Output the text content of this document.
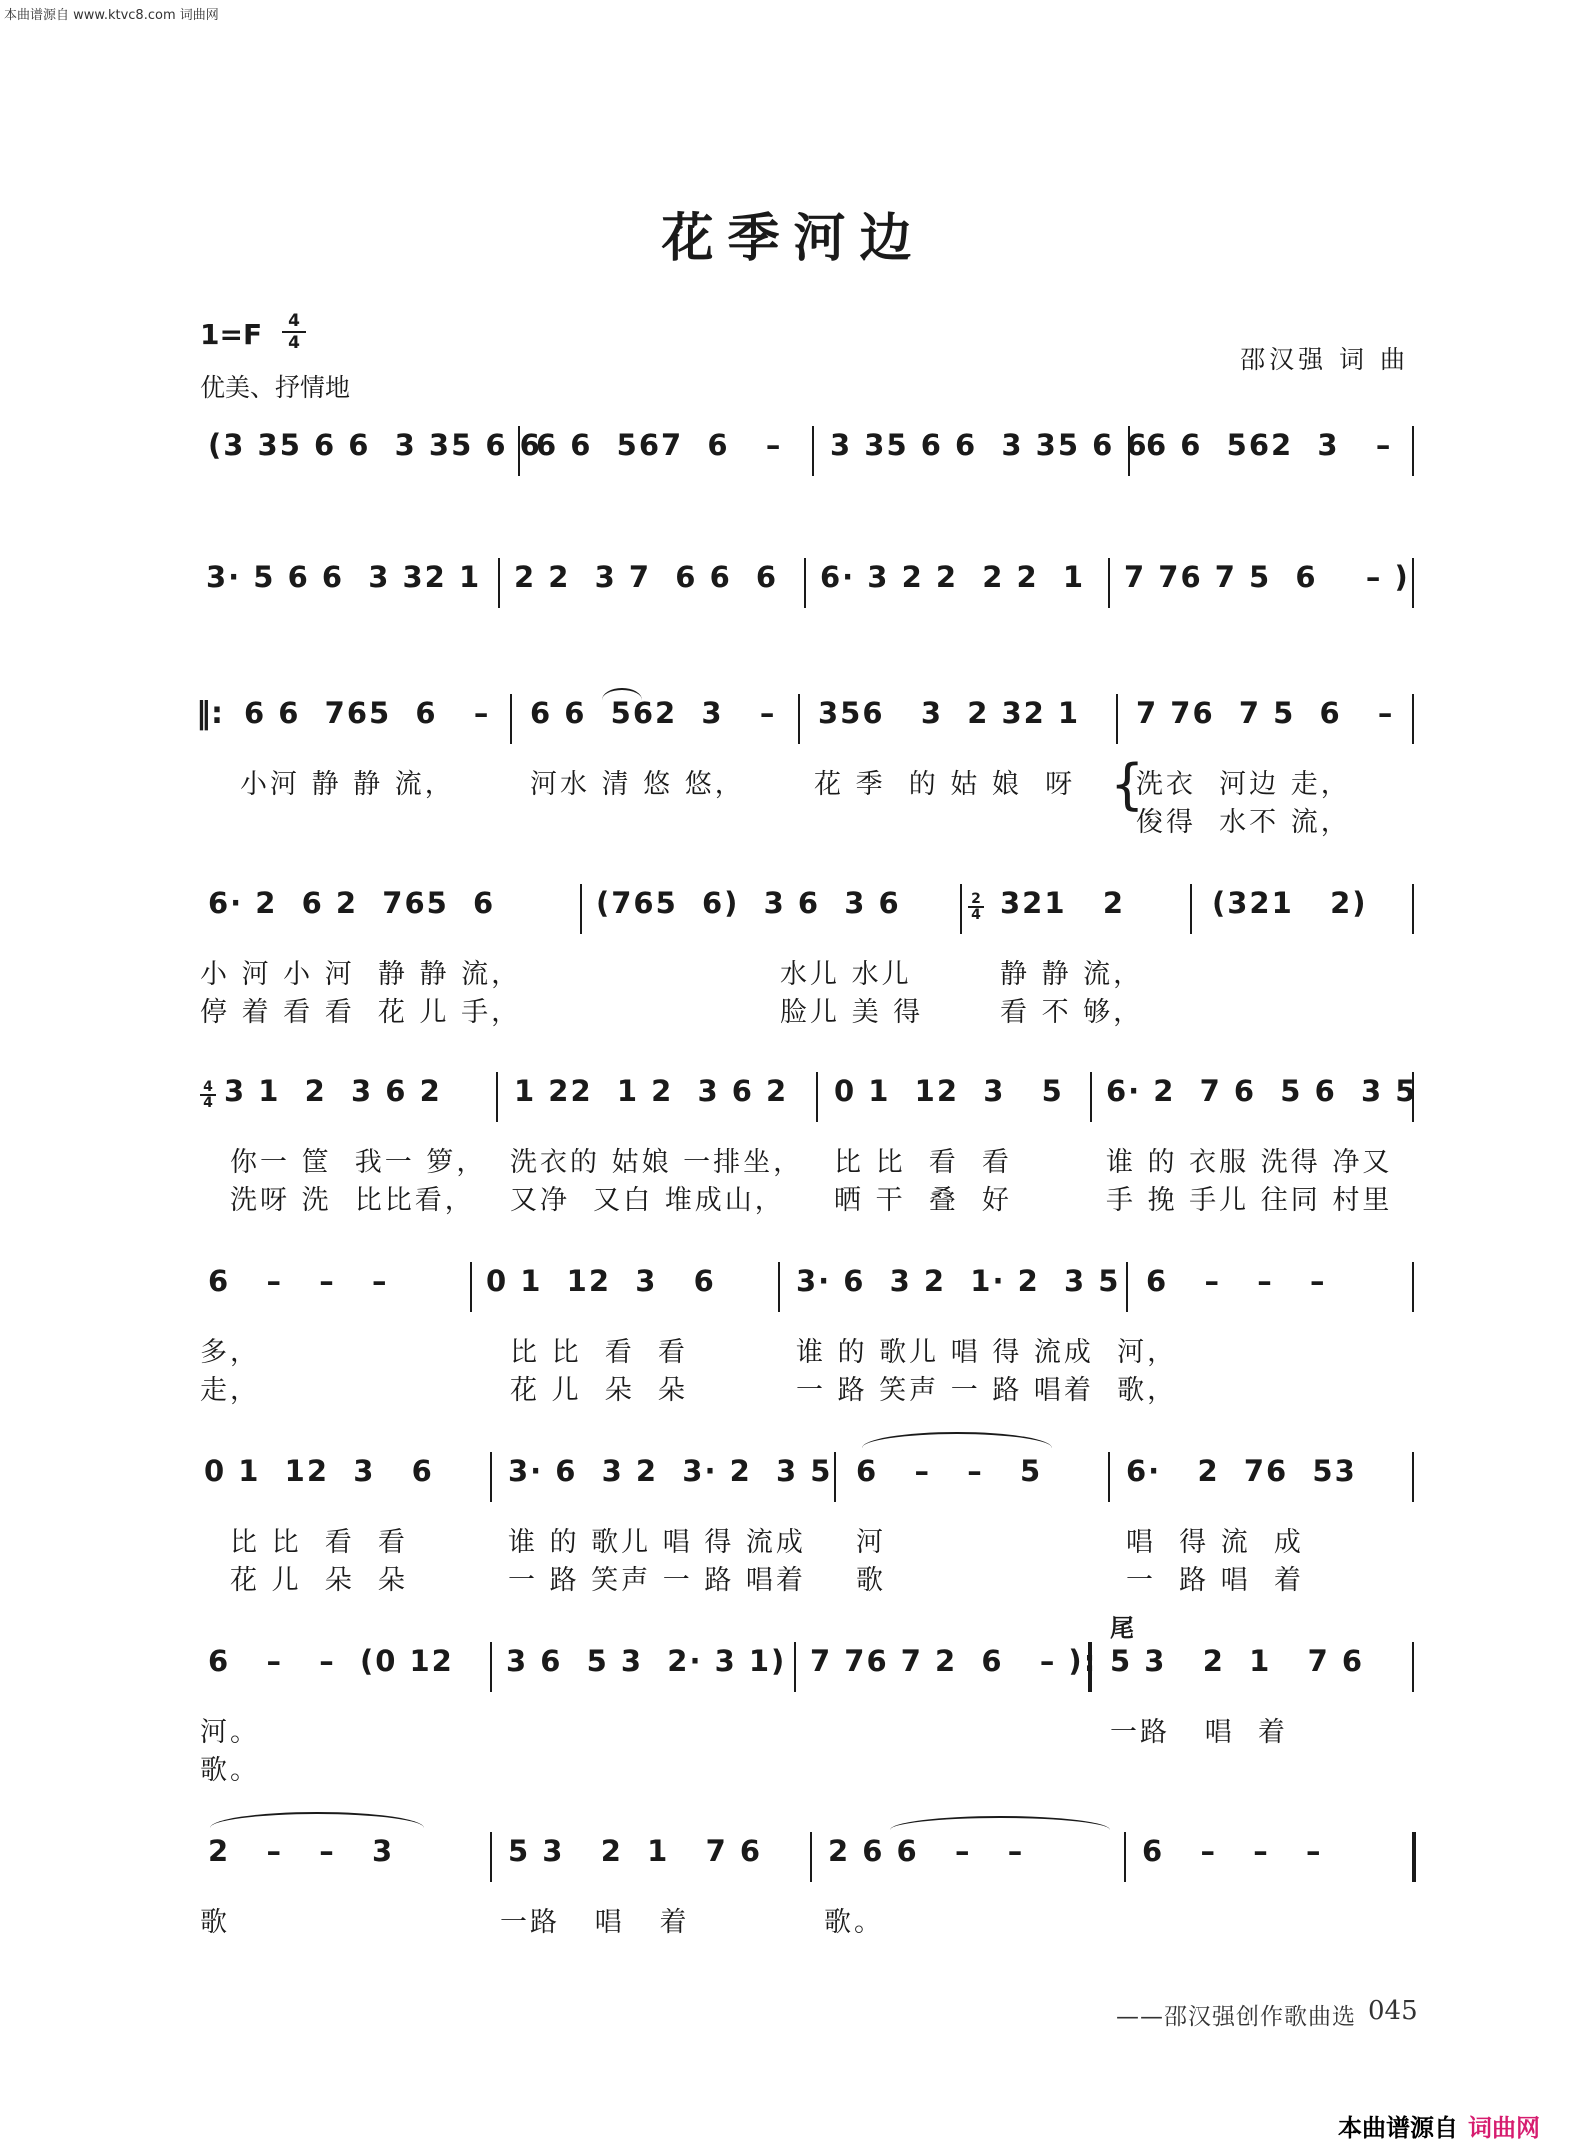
本曲谱源自 www.ktvc8.com 词曲网
花季河边
1=F	4
4
优美、抒情地
邵汉强 词 曲
(3 35 6 6  3 35 6 6
6 6  567  6   – 3 35 6 6  3 35 6 6
6 6  562  3   –
3· 5 6 6  3 32 1 2 2  3 7  6 6  6 6· 3 2 2  2 2  1 7 76 7 5  6    – )
‖: 6 6  765  6   – 6 6  562  3   – 356   3  2 32 1 7 76  7 5  6   –
小河 静 静 流，	河水 清 悠 悠，	花 季  的 姑 娘  呀 {
洗衣  河边 走，
俊得  水不 流，
6· 2  6 2  765  6	(765  6)  3 6  3 6	2
4 321   2	(321   2)
小 河 小 河  静 静 流，
停 着 看 看  花 儿 手，
水儿 水儿
脸儿 美 得
静 静 流，
看 不 够，
4
4 3 1  2  3 6 2 1 22  1 2  3 6 2 0 1  12  3   5 6· 2  7 6  5 6  3 5
你一 筐  我一 箩，
洗呀 洗  比比看，
洗衣的 姑娘 一排坐，
又净  又白 堆成山，
比 比  看  看
晒 干  叠  好
谁 的 衣服 洗得 净又
手 挽 手儿 往同 村里
6   –   –   –	0 1  12  3   6	3· 6  3 2  1· 2  3 5 6   –   –   –
多，
走，
比 比  看  看
花 儿  朵  朵
谁 的 歌儿 唱 得 流成  河，
一 路 笑声 一 路 唱着  歌，
0 1  12  3   6	3· 6  3 2  3· 2  3 5 6   –   –   5	6·   2  76  53
比 比  看  看
花 儿  朵  朵
谁 的 歌儿 唱 得 流成
一 路 笑声 一 路 唱着
河
歌
唱  得 流  成
一  路 唱  着
尾
6   –   –  (0 12 3 6  5 3  2· 3 1) 7 76 7 2  6   – ): 5 3   2  1   7 6
河。
歌。
一路   唱  着
2   –   –   3	5 3   2  1   7 6 2 6 6   –   –	6   –   –   –
歌	一路   唱   着	歌。
——邵汉强创作歌曲选 045
本曲谱源自 词曲网
